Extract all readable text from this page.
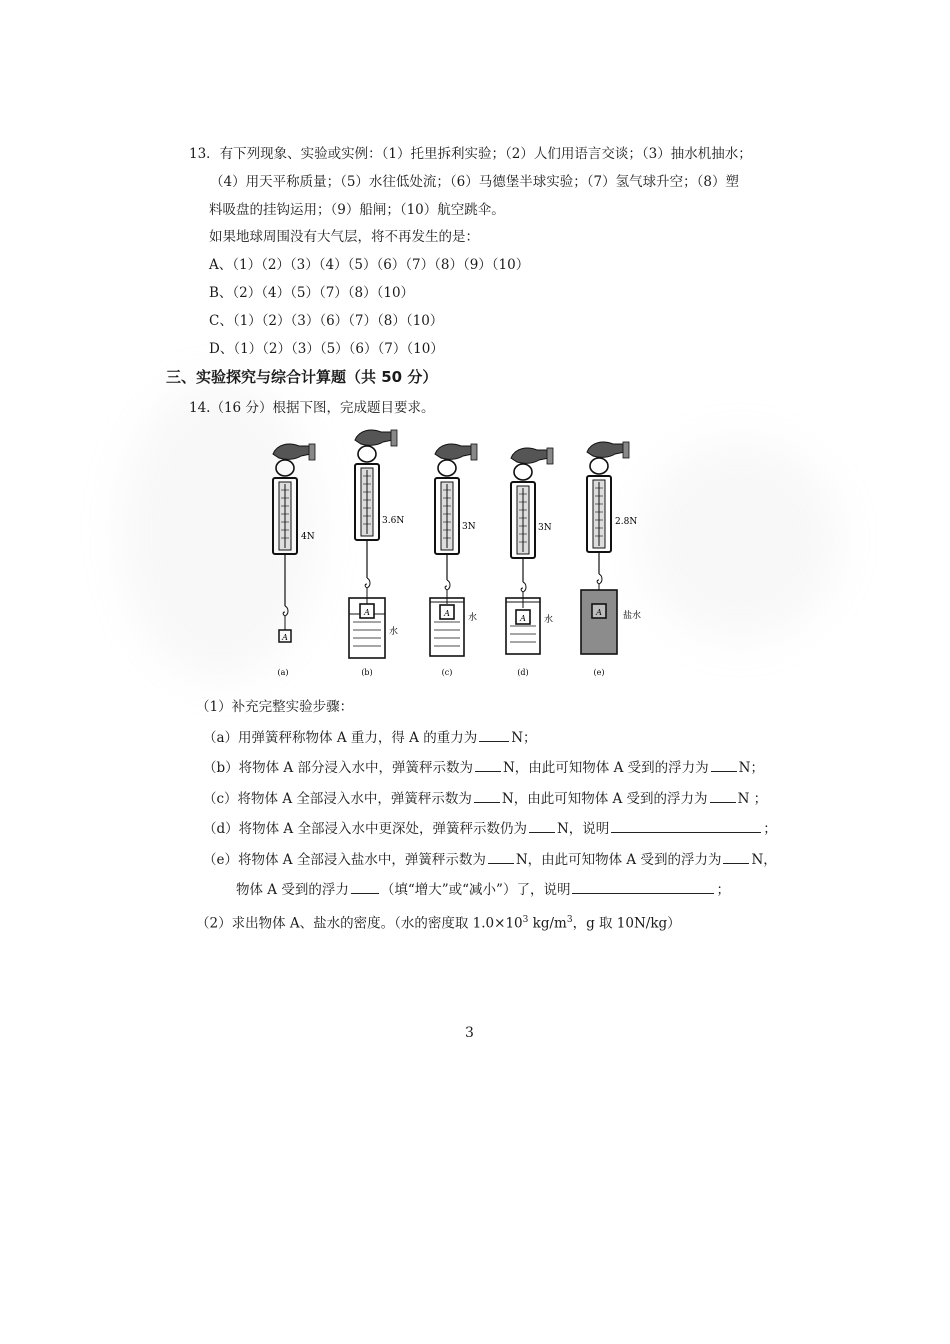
13．有下列现象、实验或实例：（1）托里拆利实验；（2）人们用语言交谈；（3）抽水机抽水；
（4）用天平称质量；（5）水往低处流；（6）马德堡半球实验；（7）氢气球升空；（8）塑
料吸盘的挂钩运用；（9）船闸；（10）航空跳伞。
如果地球周围没有大气层，将不再发生的是：
A、（1）（2）（3）（4）（5）（6）（7）（8）（9）（10）
B、（2）（4）（5）（7）（8）（10）
C、（1）（2）（3）（6）（7）（8）（10）
D、（1）（2）（3）（5）（6）（7）（10）
三、实验探究与综合计算题（共 50 分）
14.（16 分）根据下图，完成题目要求。
A
4N
(a)
A
水
3.6N
(b)
A 水
3N
(c)
A 水
3N
(d)
A 盐水
2.8N
(e)
（1）补充完整实验步骤：
（a）用弹簧秤称物体 A 重力，得 A 的重力为	N；
（b）将物体 A 部分浸入水中，弹簧秤示数为 N，由此可知物体 A 受到的浮力为 N；
（c）将物体 A 全部浸入水中，弹簧秤示数为 N，由此可知物体 A 受到的浮力为 N ；
（d）将物体 A 全部浸入水中更深处，弹簧秤示数仍为 N，说明	；
（e）将物体 A 全部浸入盐水中，弹簧秤示数为 N，由此可知物体 A 受到的浮力为 N，
物体 A 受到的浮力 （填“增大”或“减小”）了，说明	；
（2）求出物体 A、盐水的密度。（水的密度取 $1.0\times 10^3$ $kg/m^3$，g 取 10N/kg）
3
